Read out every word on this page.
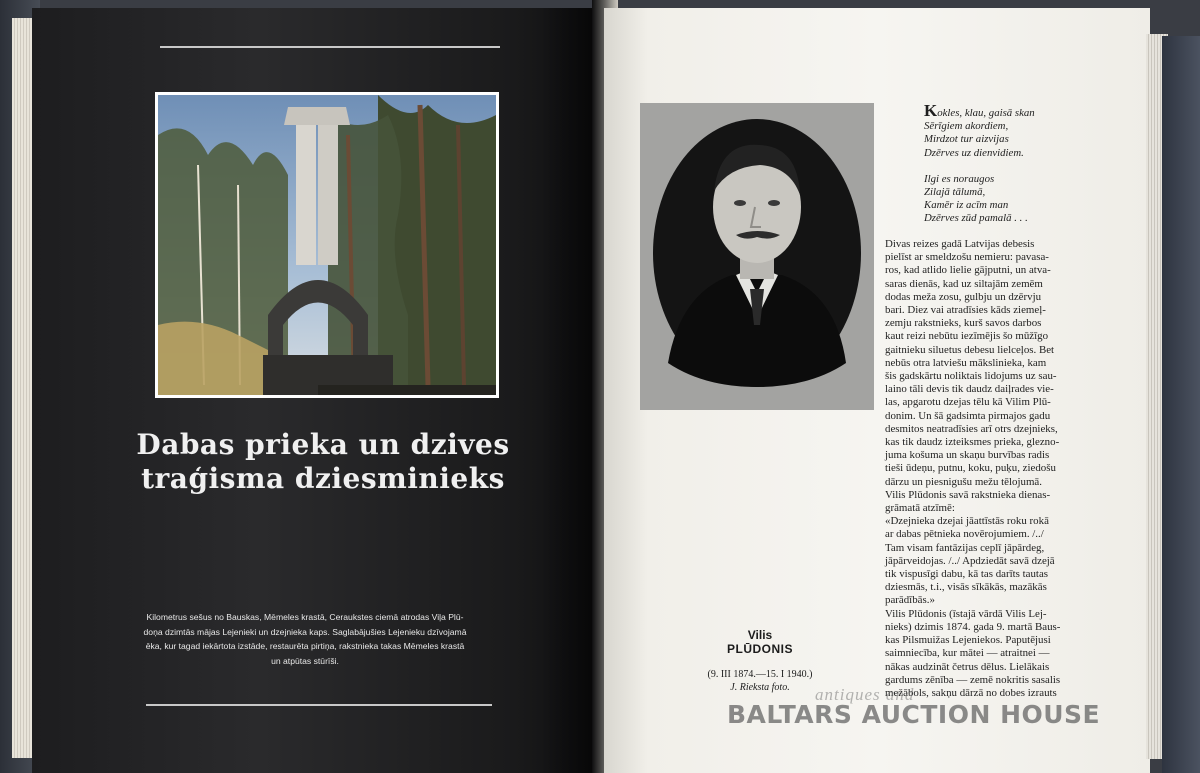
Dabas prieka un dzives
traģisma dziesminieks
Kilometrus sešus no Bauskas, Mēmeles krastā, Ceraukstes ciemā atrodas Viļa Plū-
doņa dzimtās mājas Lejenieki un dzejnieka kaps. Saglabājušies Lejenieku dzīvojamā
ēka, kur tagad iekārtota izstāde, restaurēta pirtiņa, rakstnieka takas Mēmeles krastā
un atpūtas stūrīši.
Vilis
PLŪDONIS
(9. III 1874.—15. I 1940.)
J. Rieksta foto.
Kokles, klau, gaisā skan
Sērīgiem akordiem,
Mirdzot tur aizvijas
Dzērves uz dienvidiem.
Ilgi es noraugos
Zilajā tālumā,
Kamēr iz acīm man
Dzērves zūd pamalā . . .
Divas reizes gadā Latvijas debesis
pielīst ar smeldzošu nemieru: pavasa-
ros, kad atlido lielie gājputni, un atva-
saras dienās, kad uz siltajām zemēm
dodas meža zosu, gulbju un dzērvju
bari. Diez vai atradīsies kāds ziemeļ-
zemju rakstnieks, kurš savos darbos
kaut reizi nebūtu iezīmējis šo mūžīgo
gaitnieku siluetus debesu lielceļos. Bet
nebūs otra latviešu mākslinieka, kam
šis gadskārtu noliktais lidojums uz sau-
laino tāli devis tik daudz daiļrades vie-
las, apgarotu dzejas tēlu kā Vilim Plū-
donim. Un šā gadsimta pirmajos gadu
desmitos neatradīsies arī otrs dzejnieks,
kas tik daudz izteiksmes prieka, glezno-
juma košuma un skaņu burvības radis
tieši ūdeņu, putnu, koku, puķu, ziedošu
dārzu un piesnigušu mežu tēlojumā.
Vilis Plūdonis savā rakstnieka dienas-
grāmatā atzīmē:
«Dzejnieka dzejai jāattīstās roku rokā
ar dabas pētnieka novērojumiem. /../
Tam visam fantāzijas ceplī jāpārdeg,
jāpārveidojas. /../ Apdziedāt savā dzejā
tik vispusīgi dabu, kā tas darīts tautas
dziesmās, t.i., visās sīkākās, mazākās
parādībās.»
Vilis Plūdonis (īstajā vārdā Vilis Lej-
nieks) dzimis 1874. gada 9. martā Baus-
kas Pilsmuižas Lejeniekos. Paputējusi
saimniecība, kur mātei — atraitnei —
nākas audzināt četrus dēlus. Lielākais
gardums zēnība — zemē nokritis sasalis
mežābols, sakņu dārzā no dobes izrauts
antiques and
BALTARS AUCTION HOUSE
